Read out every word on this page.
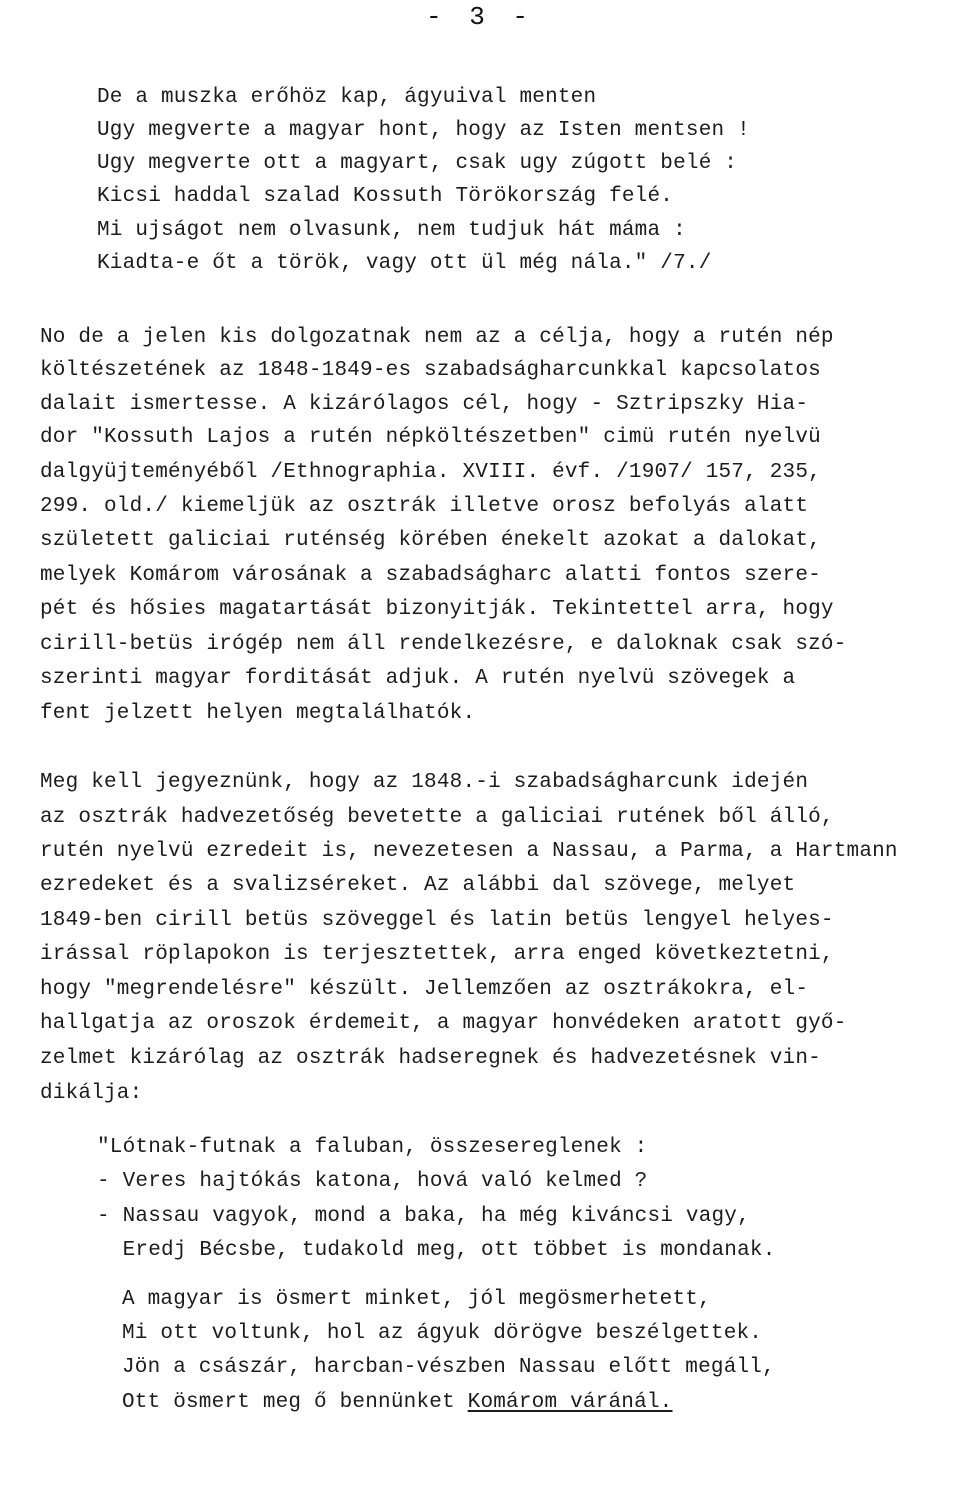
- 3 -
De a muszka erőhöz kap, ágyuival menten
Ugy megverte a magyar hont, hogy az Isten mentsen !
Ugy megverte ott a magyart, csak ugy zúgott belé :
Kicsi haddal szalad Kossuth Törökország felé.
Mi ujságot nem olvasunk, nem tudjuk hát máma :
Kiadta-e őt a török, vagy ott ül még nála." /7./
No de a jelen kis dolgozatnak nem az a célja, hogy a rutén nép
költészetének az 1848-1849-es szabadságharcunkkal kapcsolatos
dalait ismertesse. A kizárólagos cél, hogy - Sztripszky Hia-
dor "Kossuth Lajos a rutén népköltészetben" cimü rutén nyelvü
dalgyüjteményéből /Ethnographia. XVIII. évf. /1907/ 157, 235,
299. old./ kiemeljük az osztrák illetve orosz befolyás alatt
született galiciai ruténség körében énekelt azokat a dalokat,
melyek Komárom városának a szabadságharc alatti fontos szere-
pét és hősies magatartását bizonyitják. Tekintettel arra, hogy
cirill-betüs irógép nem áll rendelkezésre, e daloknak csak szó-
szerinti magyar forditását adjuk. A rutén nyelvü szövegek a
fent jelzett helyen megtalálhatók.
Meg kell jegyeznünk, hogy az 1848.-i szabadságharcunk idején
az osztrák hadvezetőség bevetette a galiciai rutének ből álló,
rutén nyelvü ezredeit is, nevezetesen a Nassau, a Parma, a Hartmann
ezredeket és a svalizséreket. Az alábbi dal szövege, melyet
1849-ben cirill betüs szöveggel és latin betüs lengyel helyes-
irással röplapokon is terjesztettek, arra enged következtetni,
hogy "megrendelésre" készült. Jellemzően az osztrákokra, el-
hallgatja az oroszok érdemeit, a magyar honvédeken aratott győ-
zelmet kizárólag az osztrák hadseregnek és hadvezetésnek vin-
dikálja:
"Lótnak-futnak a faluban, összesereglenek :
- Veres hajtókás katona, hová való kelmed ?
- Nassau vagyok, mond a baka, ha még kiváncsi vagy,
Eredj Bécsbe, tudakold meg, ott többet is mondanak.
A magyar is ösmert minket, jól megösmerhetett,
Mi ott voltunk, hol az ágyuk dörögve beszélgettek.
Jön a császár, harcban-vészben Nassau előtt megáll,
Ott ösmert meg ő bennünket Komárom váránál.
